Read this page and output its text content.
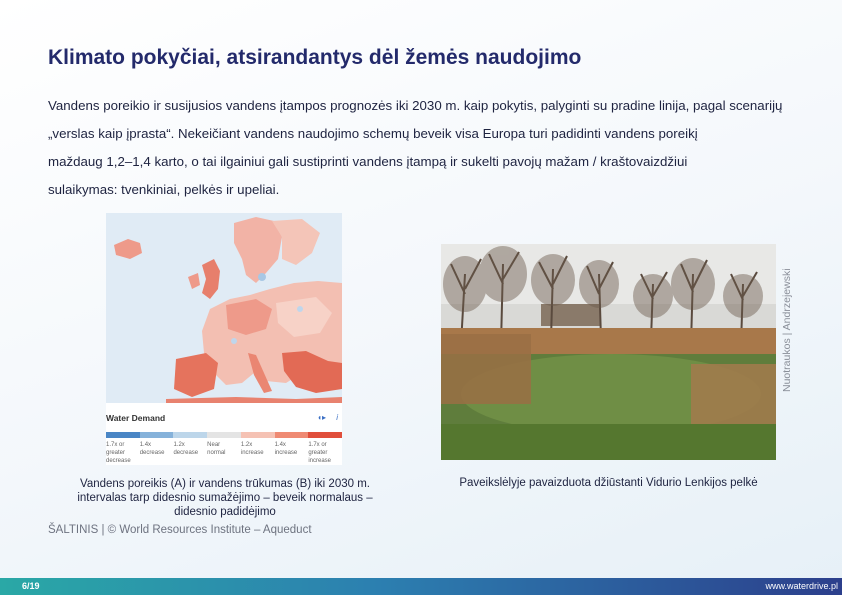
Klimato pokyčiai, atsirandantys dėl žemės naudojimo
Vandens poreikio ir susijusios vandens įtampos prognozės iki 2030 m. kaip pokytis, palyginti su pradine linija, pagal scenarijų
„verslas kaip įprasta“. Nekeičiant vandens naudojimo schemų beveik visa Europa turi padidinti vandens poreikį
maždaug 1,2–1,4 karto, o tai ilgainiui gali sustiprinti vandens įtampą ir sukelti pavojų mažam / kraštovaizdžiui
sulaikymas: tvenkiniai, pelkės ir upeliai.
Water Demand	◖▸ i
1.7x or greater decrease
1.4x decrease
1.2x decrease
Near normal
1.2x increase
1.4x increase
1.7x or greater increase
Vandens poreikis (A) ir vandens trūkumas (B) iki 2030 m. intervalas tarp didesnio sumažėjimo – beveik normalaus – didesnio padidėjimo
ŠALTINIS | © World Resources Institute – Aqueduct
Nuotraukos | Andrzejewski
Paveikslėlyje pavaizduota džiūstanti Vidurio Lenkijos pelkė
6/19	www.waterdrive.pl
